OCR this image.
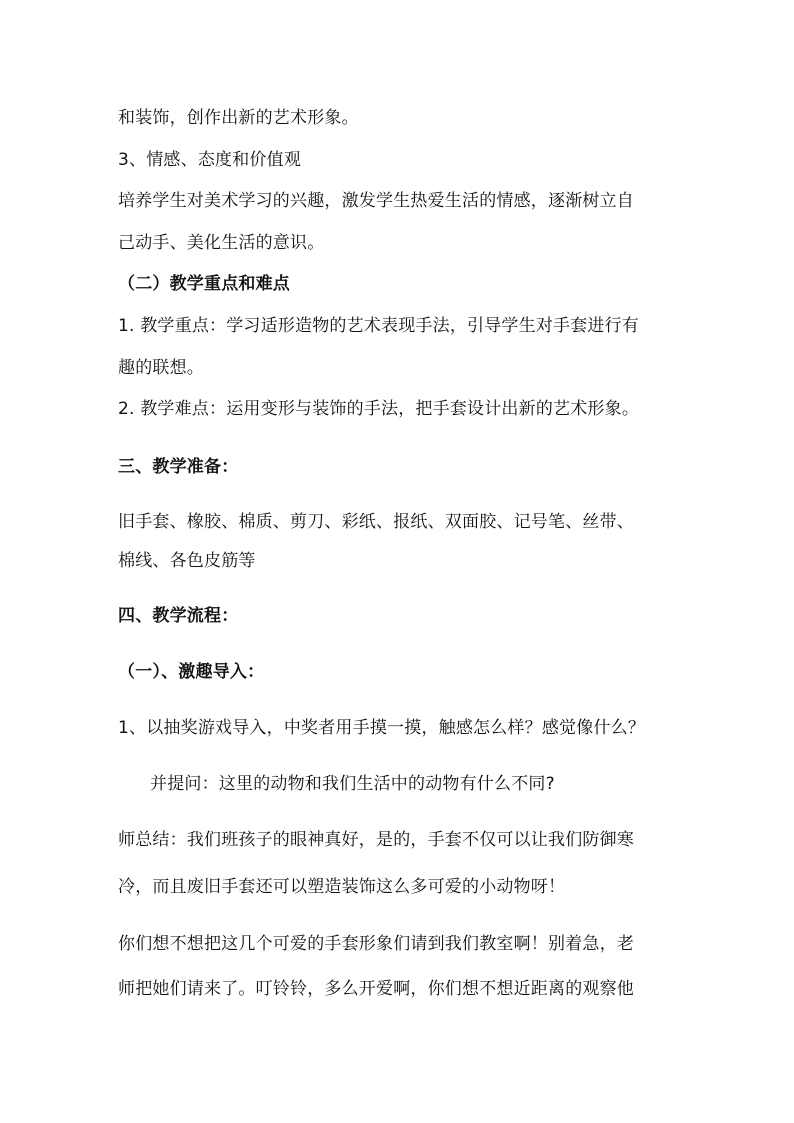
和装饰，创作出新的艺术形象。
3、情感、态度和价值观
培养学生对美术学习的兴趣，激发学生热爱生活的情感，逐渐树立自
己动手、美化生活的意识。
（二）教学重点和难点
1. 教学重点：学习适形造物的艺术表现手法，引导学生对手套进行有
趣的联想。
2. 教学难点：运用变形与装饰的手法，把手套设计出新的艺术形象。
三、教学准备：
旧手套、橡胶、棉质、剪刀、彩纸、报纸、双面胶、记号笔、丝带、
棉线、各色皮筋等
四、教学流程：
（一）、激趣导入：
1、以抽奖游戏导入，中奖者用手摸一摸，触感怎么样？感觉像什么？
并提问：这里的动物和我们生活中的动物有什么不同?
师总结：我们班孩子的眼神真好，是的，手套不仅可以让我们防御寒
冷，而且废旧手套还可以塑造装饰这么多可爱的小动物呀！
你们想不想把这几个可爱的手套形象们请到我们教室啊！别着急，老
师把她们请来了。叮铃铃，多么开爱啊，你们想不想近距离的观察他
